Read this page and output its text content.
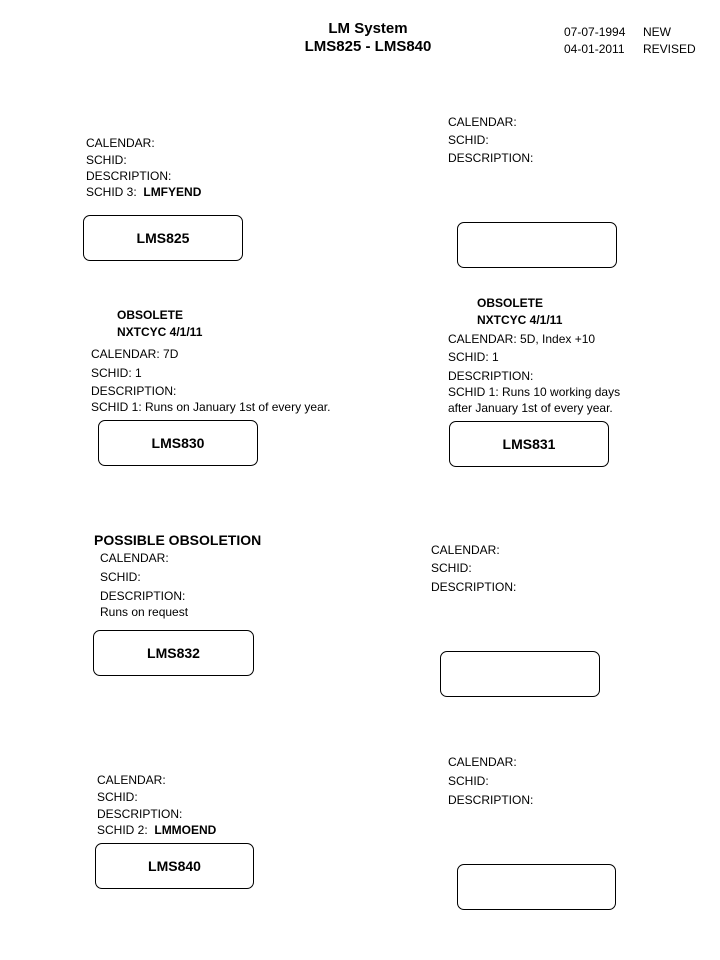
LM System
LMS825 - LMS840
07-07-1994 NEW
04-01-2011 REVISED
CALENDAR:
SCHID:
DESCRIPTION:
SCHID 3: LMFYEND
LMS825
CALENDAR:
SCHID:
DESCRIPTION:
OBSOLETE
NXTCYC 4/1/11
CALENDAR: 7D
SCHID: 1
DESCRIPTION:
SCHID 1: Runs on January 1st of every year.
LMS830
OBSOLETE
NXTCYC 4/1/11
CALENDAR: 5D, Index +10
SCHID: 1
DESCRIPTION:
SCHID 1: Runs 10 working days
after January 1st of every year.
LMS831
POSSIBLE OBSOLETION
CALENDAR:
SCHID:
DESCRIPTION:
Runs on request
LMS832
CALENDAR:
SCHID:
DESCRIPTION:
CALENDAR:
SCHID:
DESCRIPTION:
SCHID 2: LMMOEND
LMS840
CALENDAR:
SCHID:
DESCRIPTION:
